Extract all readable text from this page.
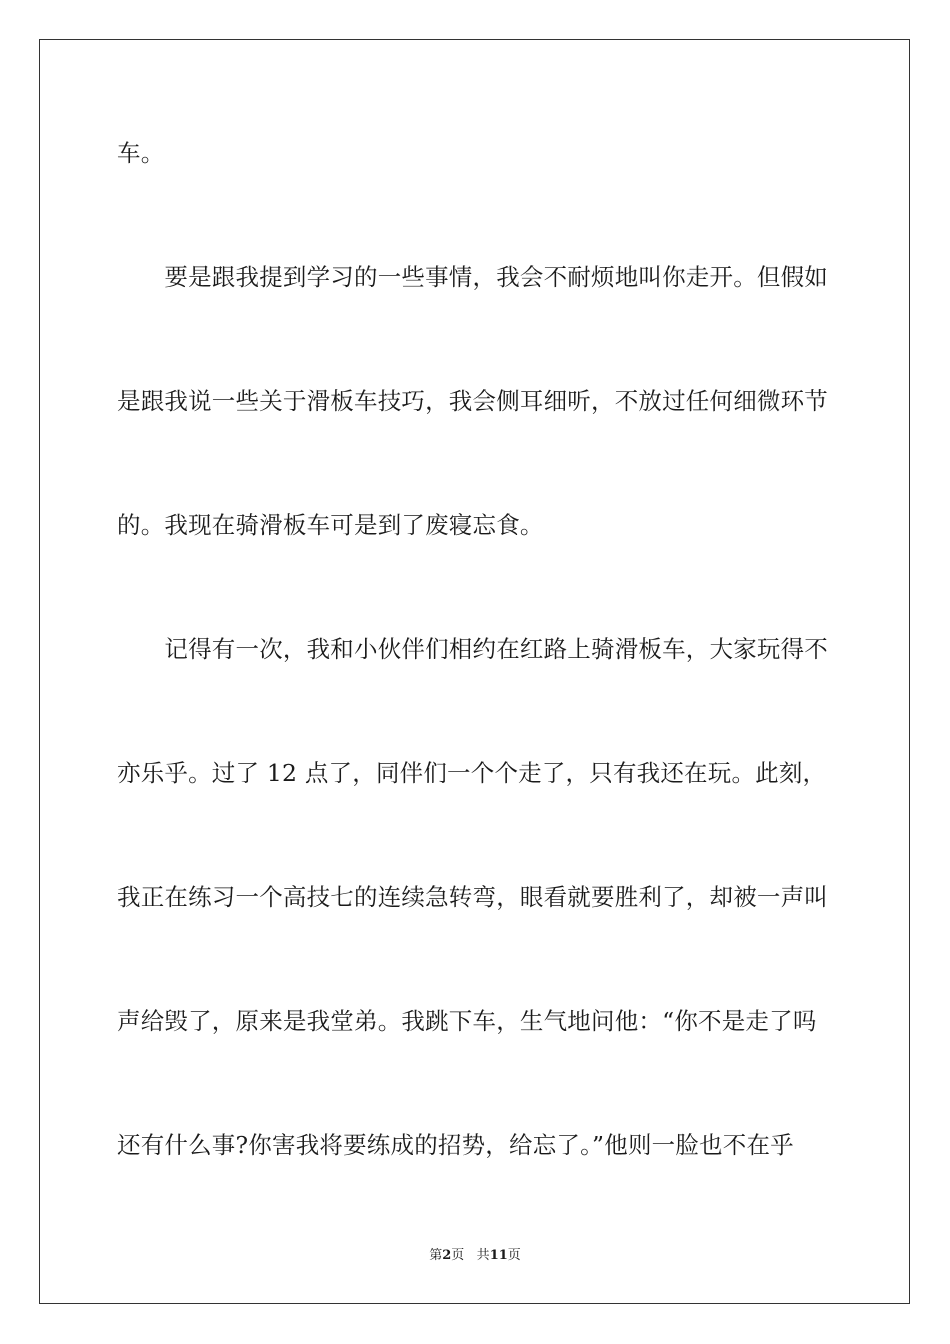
车。
　　要是跟我提到学习的一些事情，我会不耐烦地叫你走开。但假如
是跟我说一些关于滑板车技巧，我会侧耳细听，不放过任何细微环节
的。我现在骑滑板车可是到了废寝忘食。
　　记得有一次，我和小伙伴们相约在红路上骑滑板车，大家玩得不
亦乐乎。过了 12 点了，同伴们一个个走了，只有我还在玩。此刻，
我正在练习一个高技七的连续急转弯，眼看就要胜利了，却被一声叫
声给毁了，原来是我堂弟。我跳下车，生气地问他：“你不是走了吗
还有什么事?你害我将要练成的招势，给忘了。”他则一脸也不在乎
第2页 共11页
